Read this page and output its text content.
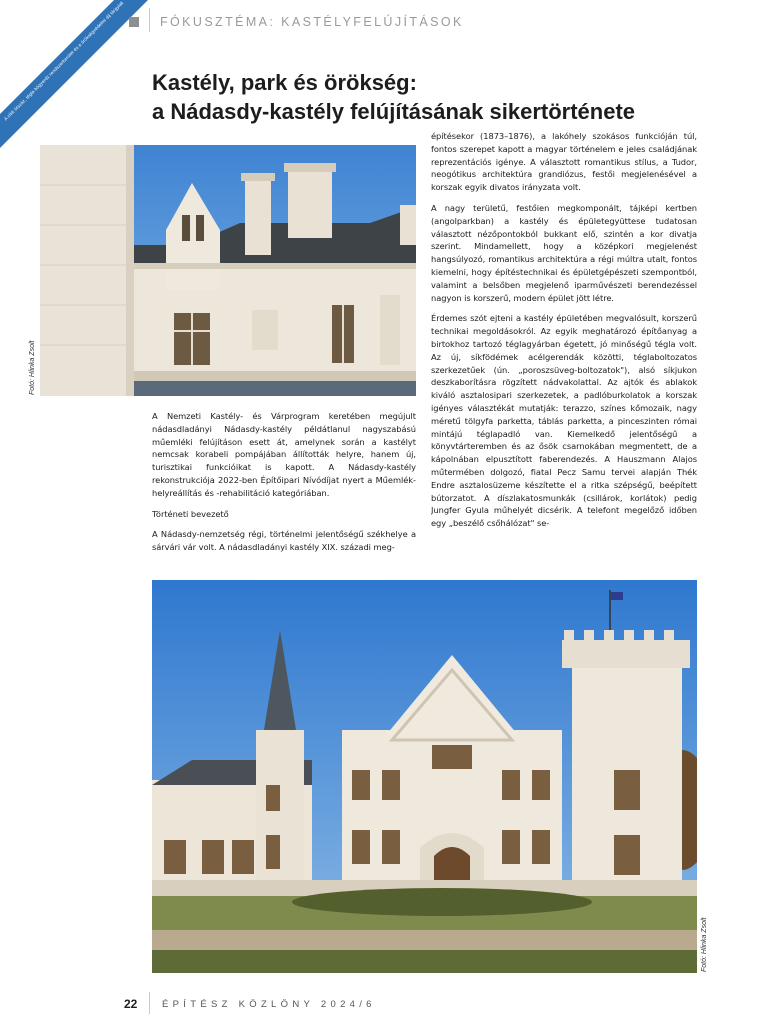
A cikk ötszáz, tégla bögyerdz rendszerkerület és a örökségvédelmi díj tárgyiak	FÓKUSZTÉMA: KASTÉLYFELÚJÍTÁSOK
Kastély, park és örökség:
a Nádasdy-kastély felújításának sikertörténete
Fotó: Hlinka Zsolt

A Nemzeti Kastély- és Várprogram keretében megújult nádasdladányi Nádasdy-kastély példátlanul nagyszabású műemléki felújításon esett át, amelynek során a kastélyt nemcsak korabeli pompájában állították helyre, hanem új, turisztikai funkcióikat is kapott. A Nádasdy-kastély rekonstrukciója 2022-ben Építőipari Nívódíjat nyert a Műemlék-helyreállítás és -rehabilitáció kategóriában.

Történeti bevezető

A Nádasdy-nemzetség régi, történelmi jelentőségű székhelye a sárvári vár volt. A nádasdladányi kastély XIX. századi meg-

építésekor (1873–1876), a lakóhely szokásos funkcióján túl, fontos szerepet kapott a magyar történelem e jeles családjának reprezentációs igénye. A választott romantikus stílus, a Tudor, neogótikus architektúra grandiózus, festői megjelenésével a korszak egyik divatos irányzata volt.

A nagy területű, festőien megkomponált, tájképi kertben (angolparkban) a kastély és épületegyüttese tudatosan választott nézőpontokból bukkant elő, szintén a kor divatja szerint. Mindamellett, hogy a középkori megjelenést hangsúlyozó, romantikus architektúra a régi múltra utalt, fontos kiemelni, hogy építéstechnikai és épületgépészeti szempontból, valamint a belsőben megjelenő iparművészeti berendezéssel nagyon is korszerű, modern épület jött létre.

Érdemes szót ejteni a kastély épületében megvalósult, korszerű technikai megoldásokról. Az egyik meghatározó építőanyag a birtokhoz tartozó téglagyárban égetett, jó minőségű tégla volt. Az új, síkfödémek acélgerendák közötti, téglaboltozatos szerkezetűek (ún. „poroszsüveg-boltozatok"), alsó síkjukon deszkaborításra rögzített nádvakolattal. Az ajtók és ablakok kiváló asztalosipari szerkezetek, a padlóburkolatok a korszak igényes választékát mutatják: terazzo, színes kőmozaik, nagy méretű tölgyfa parketta, táblás parketta, a pinceszinten római mintájú téglapadló van. Kiemelkedő jelentőségű a könyvtárteremben és az ősök csarnokában megmentett, de a kápolnában elpusztított faberendezés. A Hauszmann Alajos műtermében dolgozó, fiatal Pecz Samu tervei alapján Thék Endre asztalosüzeme készítette el a ritka szépségű, beépített bútorzatot. A díszlakatosmunkák (csillárok, korlátok) pedig Jungfer Gyula műhelyét dicsérik. A telefont megelőző időben egy „beszélő csőhálózat" se-

Fotó: Hlinka Zsolt
22	ÉPÍTÉSZ KÖZLÖNY 2024/6
